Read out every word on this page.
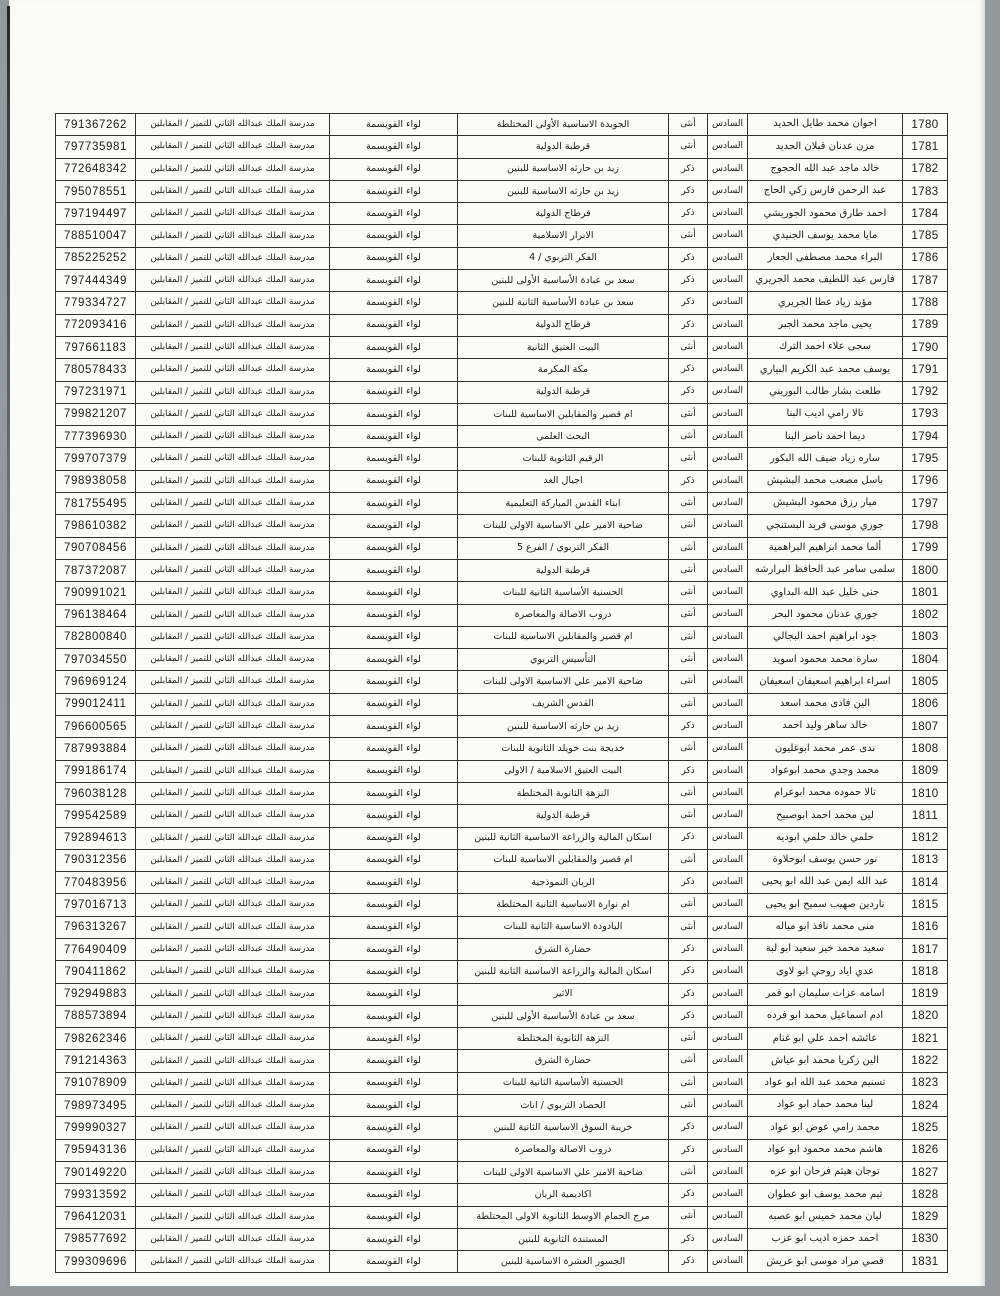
1780	اجوان محمد طايل الحديد	السادس	أنثى	الجويدة الاساسية الأولى المختلطة	لواء القويسمة	مدرسة الملك عبدالله الثاني للتميز / المقابلين	791367262
1781	مزن عدنان قبلان الحديد	السادس	أنثى	قرطبة الدولية	لواء القويسمة	مدرسة الملك عبدالله الثاني للتميز / المقابلين	797735981
1782	خالد ماجد عبد الله الحجوج	السادس	ذكر	زيد بن حارثه الاساسية للبنين	لواء القويسمة	مدرسة الملك عبدالله الثاني للتميز / المقابلين	772648342
1783	عبد الرحمن فارس زكي الحاج	السادس	ذكر	زيد بن حارثه الاساسية للبنين	لواء القويسمة	مدرسة الملك عبدالله الثاني للتميز / المقابلين	795078551
1784	احمد طارق محمود الجوريشي	السادس	ذكر	قرطاج الدولية	لواء القويسمة	مدرسة الملك عبدالله الثاني للتميز / المقابلين	797194497
1785	مايا محمد يوسف الجنيدي	السادس	أنثى	الابرار الاسلامية	لواء القويسمة	مدرسة الملك عبدالله الثاني للتميز / المقابلين	788510047
1786	البراء محمد مصطفى الجعار	السادس	ذكر	الفكر التربوي / 4	لواء القويسمة	مدرسة الملك عبدالله الثاني للتميز / المقابلين	785225252
1787	فارس عبد اللطيف محمد الجريري	السادس	ذكر	سعد بن عبادة الأساسية الأولى للبنين	لواء القويسمة	مدرسة الملك عبدالله الثاني للتميز / المقابلين	797444349
1788	مؤيد زياد عطا الجريري	السادس	ذكر	سعد بن عبادة الأساسية الثانية للبنين	لواء القويسمة	مدرسة الملك عبدالله الثاني للتميز / المقابلين	779334727
1789	يحيى ماجد محمد الجبر	السادس	ذكر	قرطاج الدولية	لواء القويسمة	مدرسة الملك عبدالله الثاني للتميز / المقابلين	772093416
1790	سجى علاء احمد الترك	السادس	أنثى	البيت العتيق الثانية	لواء القويسمة	مدرسة الملك عبدالله الثاني للتميز / المقابلين	797661183
1791	يوسف محمد عبد الكريم البياري	السادس	ذكر	مكة المكرمة	لواء القويسمة	مدرسة الملك عبدالله الثاني للتميز / المقابلين	780578433
1792	طلعت بشار طالب البوريني	السادس	ذكر	قرطبة الدولية	لواء القويسمة	مدرسة الملك عبدالله الثاني للتميز / المقابلين	797231971
1793	تالا رامي اديب البنا	السادس	أنثى	ام قصير والمقابلين الاساسية للبنات	لواء القويسمة	مدرسة الملك عبدالله الثاني للتميز / المقابلين	799821207
1794	ديما احمد ناصر البنا	السادس	أنثى	البحث العلمي	لواء القويسمة	مدرسة الملك عبدالله الثاني للتميز / المقابلين	777396930
1795	ساره زياد ضيف الله البكور	السادس	أنثى	الرقيم الثانوية للبنات	لواء القويسمة	مدرسة الملك عبدالله الثاني للتميز / المقابلين	799707379
1796	باسل مصعب محمد البشيش	السادس	ذكر	اجيال الغد	لواء القويسمة	مدرسة الملك عبدالله الثاني للتميز / المقابلين	798938058
1797	ميار رزق محمود البشيش	السادس	أنثى	ابناء القدس المباركة التعليمية	لواء القويسمة	مدرسة الملك عبدالله الثاني للتميز / المقابلين	781755495
1798	جوري موسى فريد البستنجي	السادس	أنثى	ضاحية الامير علي الاساسية الاولى للبنات	لواء القويسمة	مدرسة الملك عبدالله الثاني للتميز / المقابلين	798610382
1799	ألما محمد ابراهيم البراهمية	السادس	أنثى	الفكر التربوي / الفرع 5	لواء القويسمة	مدرسة الملك عبدالله الثاني للتميز / المقابلين	790708456
1800	سلمى سامر عبد الحافظ البرارشه	السادس	أنثى	قرطبة الدولية	لواء القويسمة	مدرسة الملك عبدالله الثاني للتميز / المقابلين	787372087
1801	جنى خليل عبد الله البداوي	السادس	أنثى	الحسنية الأساسية الثانية للبنات	لواء القويسمة	مدرسة الملك عبدالله الثاني للتميز / المقابلين	790991021
1802	جوري عدنان محمود البحر	السادس	أنثى	دروب الاصالة والمعاصرة	لواء القويسمة	مدرسة الملك عبدالله الثاني للتميز / المقابلين	796138464
1803	جود ابراهيم احمد البجالي	السادس	أنثى	ام قصير والمقابلين الاساسية للبنات	لواء القويسمة	مدرسة الملك عبدالله الثاني للتميز / المقابلين	782800840
1804	سارة محمد محمود اسويد	السادس	أنثى	التأسيس التربوي	لواء القويسمة	مدرسة الملك عبدالله الثاني للتميز / المقابلين	797034550
1805	اسراء ابراهيم اسعيفان اسعيفان	السادس	أنثى	ضاحية الامير علي الاساسية الاولى للبنات	لواء القويسمة	مدرسة الملك عبدالله الثاني للتميز / المقابلين	796969124
1806	الين فادى محمد اسعد	السادس	أنثى	القدس الشريف	لواء القويسمة	مدرسة الملك عبدالله الثاني للتميز / المقابلين	799012411
1807	خالد ساهر وليد احمد	السادس	ذكر	زيد بن حارثه الاساسية للبنين	لواء القويسمة	مدرسة الملك عبدالله الثاني للتميز / المقابلين	796600565
1808	ندى عمر محمد ابوغليون	السادس	أنثى	خديجة بنت خويلد الثانوية للبنات	لواء القويسمة	مدرسة الملك عبدالله الثاني للتميز / المقابلين	787993884
1809	محمد وجدي محمد ابوعواد	السادس	ذكر	البيت العتيق الاسلامية / الاولى	لواء القويسمة	مدرسة الملك عبدالله الثاني للتميز / المقابلين	799186174
1810	تالا حموده محمد ابوعرام	السادس	أنثى	النزهة الثانوية المختلطة	لواء القويسمة	مدرسة الملك عبدالله الثاني للتميز / المقابلين	796038128
1811	لين محمد احمد ابوصبيح	السادس	أنثى	قرطبة الدولية	لواء القويسمة	مدرسة الملك عبدالله الثاني للتميز / المقابلين	799542589
1812	حلمي خالد حلمي ابوديه	السادس	ذكر	اسكان المالية والزراعة الاساسية الثانية للبنين	لواء القويسمة	مدرسة الملك عبدالله الثاني للتميز / المقابلين	792894613
1813	نور حسن يوسف ابوحلاوة	السادس	أنثى	ام قصير والمقابلين الاساسية للبنات	لواء القويسمة	مدرسة الملك عبدالله الثاني للتميز / المقابلين	790312356
1814	عبد الله ايمن عبد الله ابو يحيى	السادس	ذكر	الريان النموذجية	لواء القويسمة	مدرسة الملك عبدالله الثاني للتميز / المقابلين	770483956
1815	ناردين صهيب سميح ابو يحيى	السادس	أنثى	ام نوارة الاساسية الثانية المختلطة	لواء القويسمة	مدرسة الملك عبدالله الثاني للتميز / المقابلين	797016713
1816	منى محمد نافذ ابو مياله	السادس	أنثى	اليادودة الاساسية الثانية للبنات	لواء القويسمة	مدرسة الملك عبدالله الثاني للتميز / المقابلين	796313267
1817	سعيد محمد خير سعيد ابو لبة	السادس	ذكر	حضارة الشرق	لواء القويسمة	مدرسة الملك عبدالله الثاني للتميز / المقابلين	776490409
1818	عدي اياد روحي ابو لاوى	السادس	ذكر	اسكان المالية والزراعة الاساسية الثانية للبنين	لواء القويسمة	مدرسة الملك عبدالله الثاني للتميز / المقابلين	790411862
1819	اسامه عزات سليمان ابو قمر	السادس	ذكر	الاثير	لواء القويسمة	مدرسة الملك عبدالله الثاني للتميز / المقابلين	792949883
1820	ادم اسماعيل محمد ابو فرده	السادس	ذكر	سعد بن عبادة الأساسية الأولى للبنين	لواء القويسمة	مدرسة الملك عبدالله الثاني للتميز / المقابلين	788573894
1821	عائشه احمد علي ابو غنام	السادس	أنثى	النزهة الثانوية المختلطة	لواء القويسمة	مدرسة الملك عبدالله الثاني للتميز / المقابلين	798262346
1822	الين زكريا محمد ابو عياش	السادس	أنثى	حضارة الشرق	لواء القويسمة	مدرسة الملك عبدالله الثاني للتميز / المقابلين	791214363
1823	تسنيم محمد عبد الله ابو عواد	السادس	أنثى	الحسنية الأساسية الثانية للبنات	لواء القويسمة	مدرسة الملك عبدالله الثاني للتميز / المقابلين	791078909
1824	لينا محمد حماد ابو عواد	السادس	أنثى	الحصاد التربوي / اناث	لواء القويسمة	مدرسة الملك عبدالله الثاني للتميز / المقابلين	798973495
1825	محمد رامي عوض ابو عواد	السادس	ذكر	خريبة السوق الاساسية الثانية للبنين	لواء القويسمة	مدرسة الملك عبدالله الثاني للتميز / المقابلين	799990327
1826	هاشم محمد محمود ابو عواد	السادس	ذكر	دروب الاصالة والمعاصرة	لواء القويسمة	مدرسة الملك عبدالله الثاني للتميز / المقابلين	795943136
1827	توجان هيثم فرحان ابو عزه	السادس	أنثى	ضاحية الامير علي الاساسية الاولى للبنات	لواء القويسمة	مدرسة الملك عبدالله الثاني للتميز / المقابلين	790149220
1828	تيم محمد يوسف ابو عطوان	السادس	ذكر	اكاديمية الربان	لواء القويسمة	مدرسة الملك عبدالله الثاني للتميز / المقابلين	799313592
1829	ليان محمد خميس ابو عصبه	السادس	أنثى	مرج الحمام الاوسط الثانوية الاولى المختلطة	لواء القويسمة	مدرسة الملك عبدالله الثاني للتميز / المقابلين	796412031
1830	احمد حمزه اديب ابو عزب	السادس	ذكر	المستندة الثانوية للبنين	لواء القويسمة	مدرسة الملك عبدالله الثاني للتميز / المقابلين	798577692
1831	قصي مراد موسى ابو عريش	السادس	ذكر	الجسور العشرة الاساسية للبنين	لواء القويسمة	مدرسة الملك عبدالله الثاني للتميز / المقابلين	799309696
